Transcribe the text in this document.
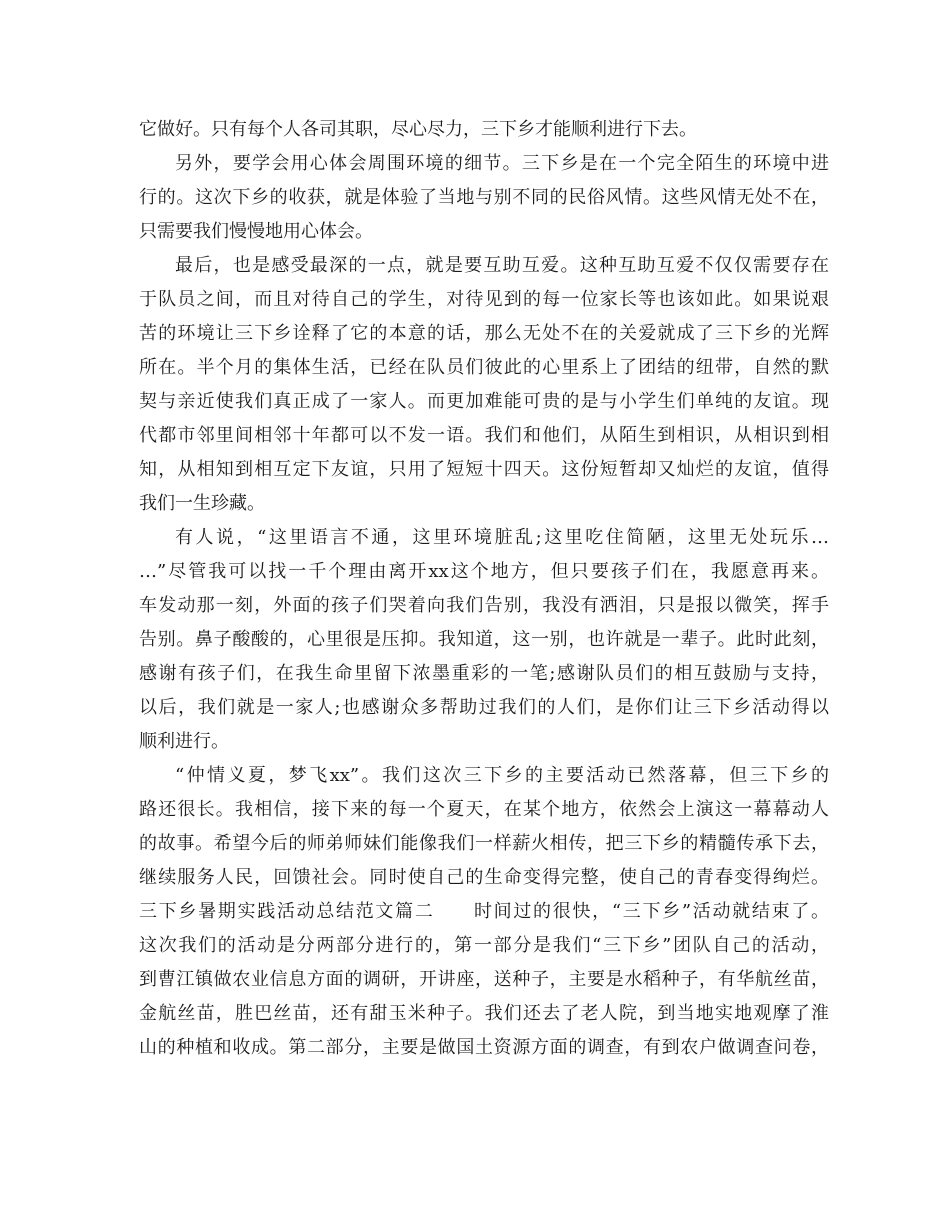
它做好。只有每个人各司其职，尽心尽力，三下乡才能顺利进行下去。
另外，要学会用心体会周围环境的细节。三下乡是在一个完全陌生的环境中进
行的。这次下乡的收获，就是体验了当地与别不同的民俗风情。这些风情无处不在，
只需要我们慢慢地用心体会。
最后，也是感受最深的一点，就是要互助互爱。这种互助互爱不仅仅需要存在
于队员之间，而且对待自己的学生，对待见到的每一位家长等也该如此。如果说艰
苦的环境让三下乡诠释了它的本意的话，那么无处不在的关爱就成了三下乡的光辉
所在。半个月的集体生活，已经在队员们彼此的心里系上了团结的纽带，自然的默
契与亲近使我们真正成了一家人。而更加难能可贵的是与小学生们单纯的友谊。现
代都市邻里间相邻十年都可以不发一语。我们和他们，从陌生到相识，从相识到相
知，从相知到相互定下友谊，只用了短短十四天。这份短暂却又灿烂的友谊，值得
我们一生珍藏。
有人说，“这里语言不通，这里环境脏乱;这里吃住简陋，这里无处玩乐…
…”尽管我可以找一千个理由离开xx这个地方，但只要孩子们在，我愿意再来。
车发动那一刻，外面的孩子们哭着向我们告别，我没有洒泪，只是报以微笑，挥手
告别。鼻子酸酸的，心里很是压抑。我知道，这一别，也许就是一辈子。此时此刻，
感谢有孩子们，在我生命里留下浓墨重彩的一笔;感谢队员们的相互鼓励与支持，
以后，我们就是一家人;也感谢众多帮助过我们的人们，是你们让三下乡活动得以
顺利进行。
“仲情义夏，梦飞xx”。我们这次三下乡的主要活动已然落幕，但三下乡的
路还很长。我相信，接下来的每一个夏天，在某个地方，依然会上演这一幕幕动人
的故事。希望今后的师弟师妹们能像我们一样薪火相传，把三下乡的精髓传承下去，
继续服务人民，回馈社会。同时使自己的生命变得完整，使自己的青春变得绚烂。
三下乡暑期实践活动总结范文篇二　　时间过的很快，“三下乡”活动就结束了。
这次我们的活动是分两部分进行的，第一部分是我们“三下乡”团队自己的活动，
到曹江镇做农业信息方面的调研，开讲座，送种子，主要是水稻种子，有华航丝苗，
金航丝苗，胜巴丝苗，还有甜玉米种子。我们还去了老人院，到当地实地观摩了淮
山的种植和收成。第二部分，主要是做国土资源方面的调查，有到农户做调查问卷，
